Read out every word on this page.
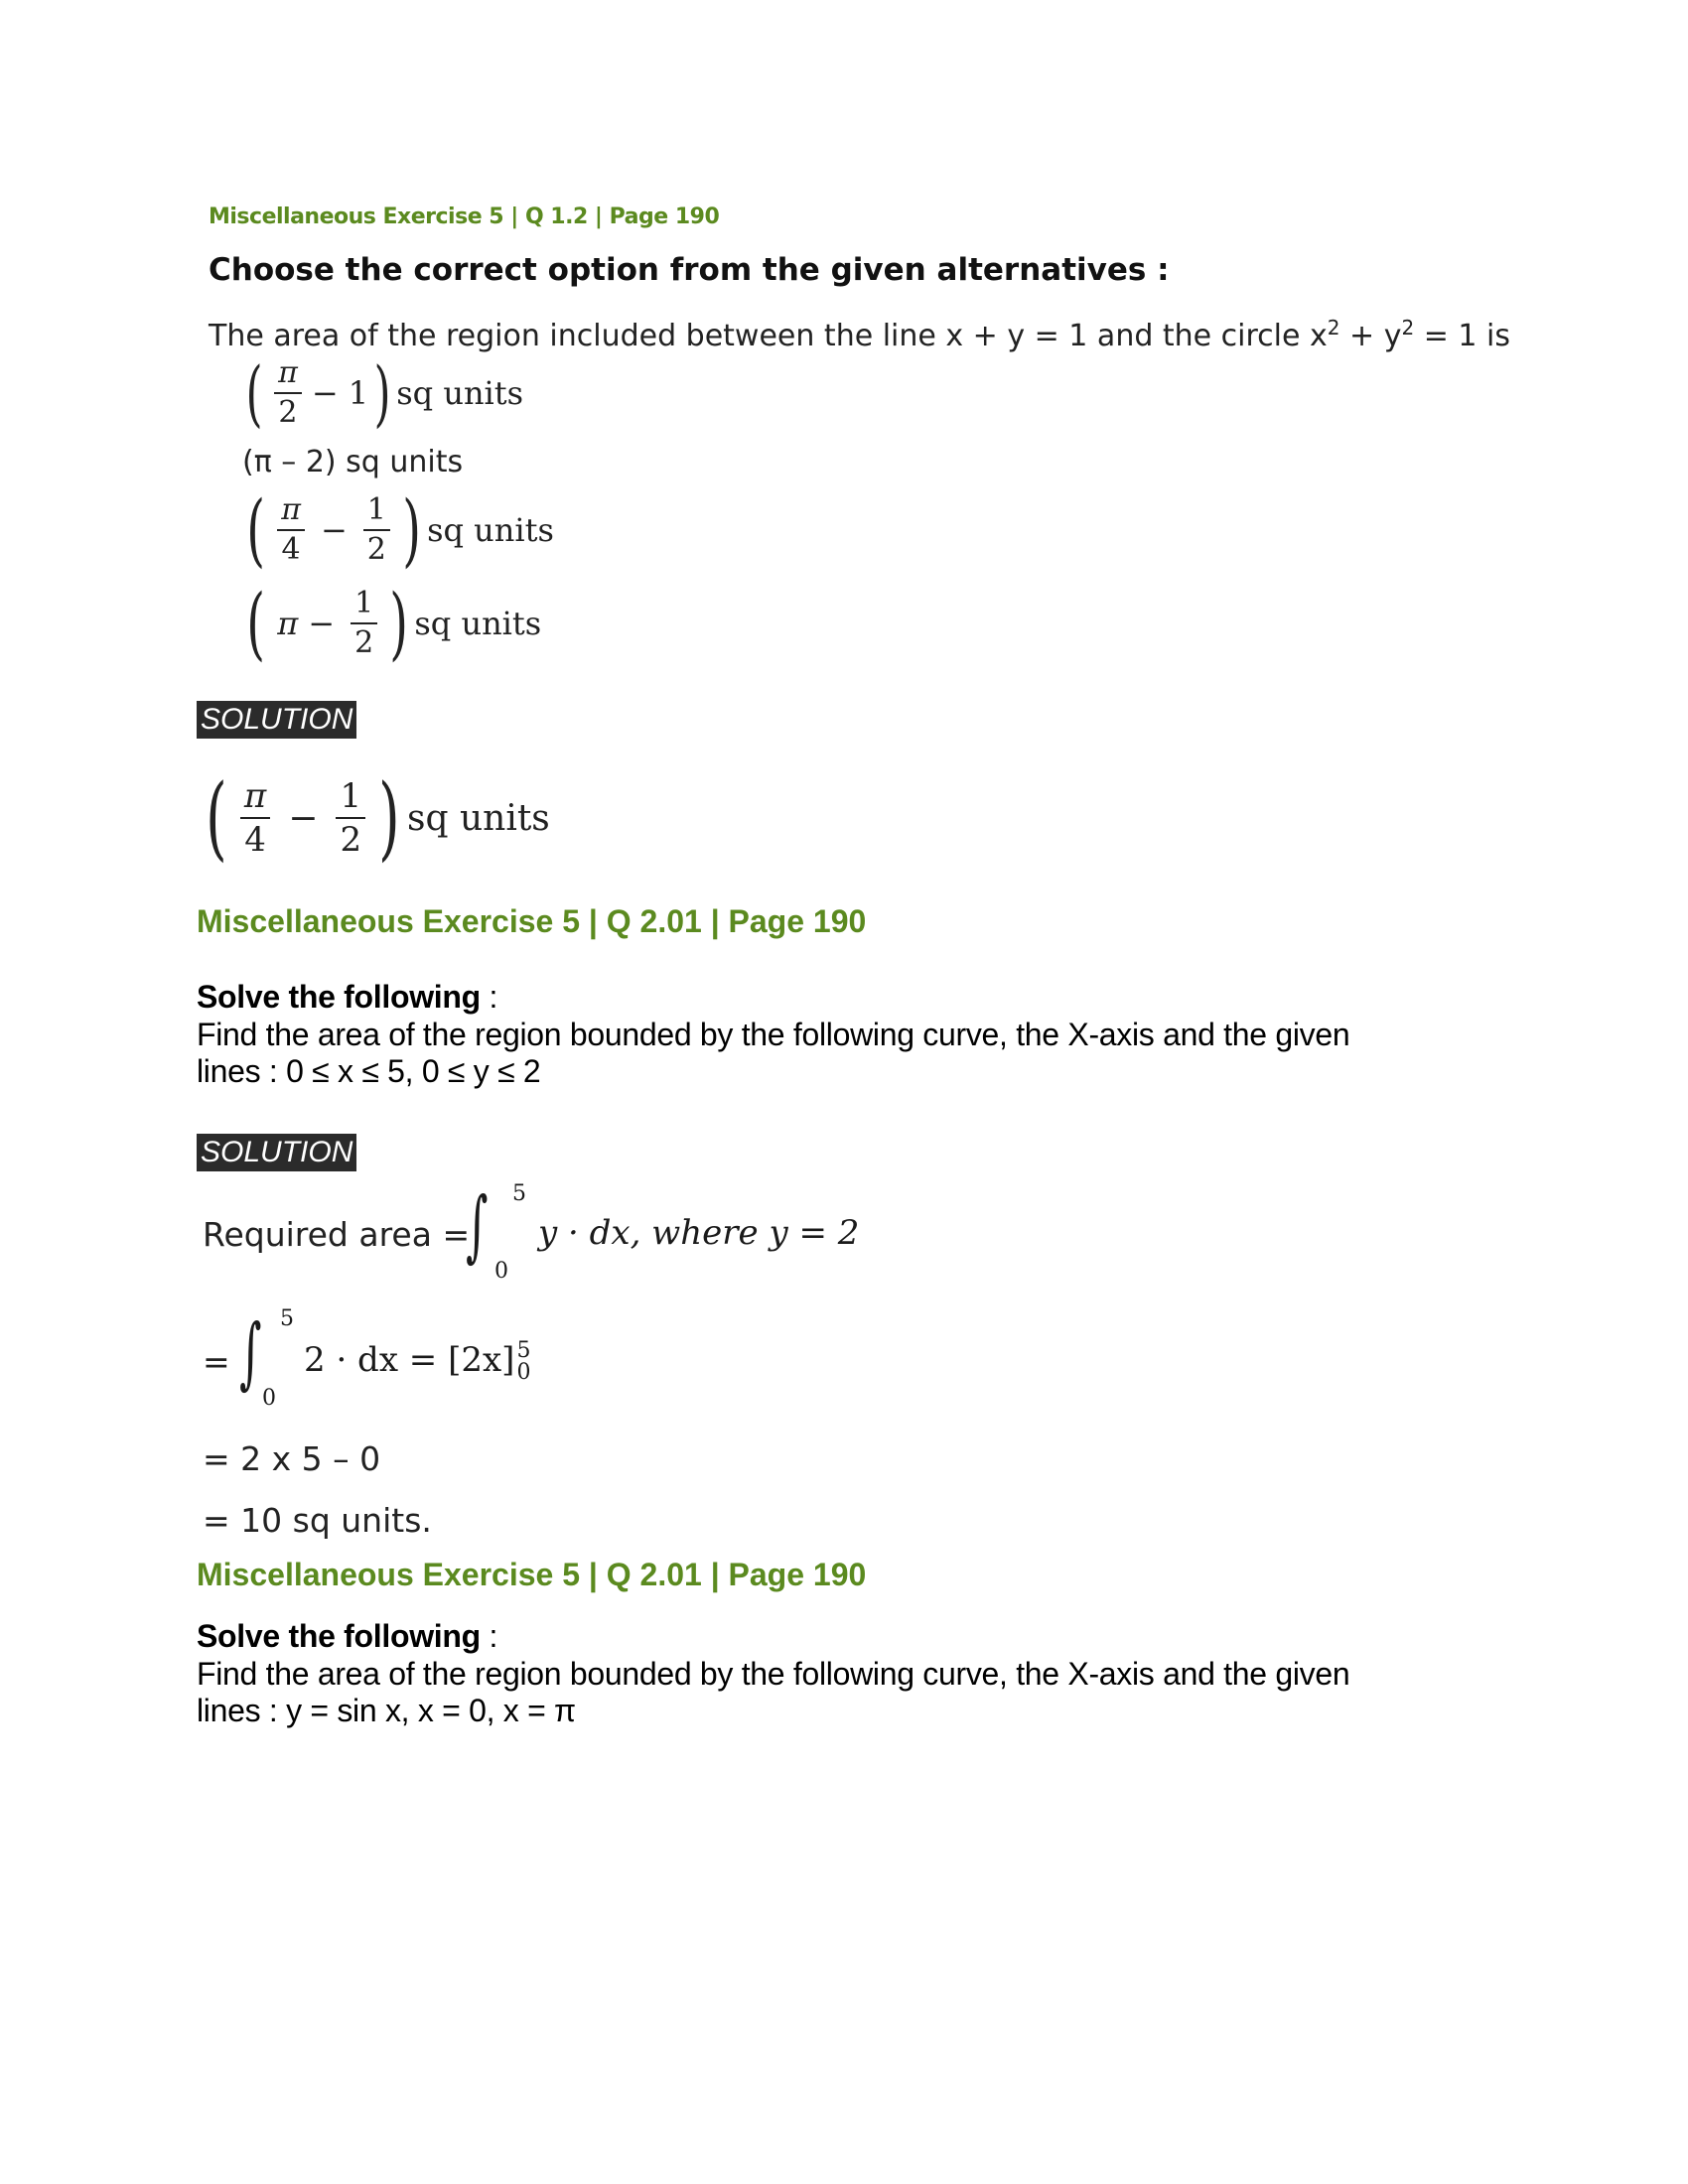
Miscellaneous Exercise 5 | Q 1.2 | Page 190
Choose the correct option from the given alternatives :
The area of the region included between the line x + y = 1 and the circle $x^2 + y^2 = 1$ is
( $\frac{\pi}{2} - 1$ ) sq units
(π – 2) sq units
( $\frac{\pi}{4} - \frac{1}{2}$ ) sq units
( $\pi - \frac{1}{2}$ ) sq units
SOLUTION
( $\frac{\pi}{4} - \frac{1}{2}$ ) sq units
Miscellaneous Exercise 5 | Q 2.01 | Page 190
Solve the following :
Find the area of the region bounded by the following curve, the X-axis and the given
lines : 0 ≤ x ≤ 5, 0 ≤ y ≤ 2
SOLUTION
Required area =
∫ 5
0
y · dx, where y = 2
= ∫ 5
0
2 · dx = [2x] 5
0
= 2 x 5 – 0
= 10 sq units.
Miscellaneous Exercise 5 | Q 2.01 | Page 190
Solve the following :
Find the area of the region bounded by the following curve, the X-axis and the given
lines : y = sin x, x = 0, x = π
